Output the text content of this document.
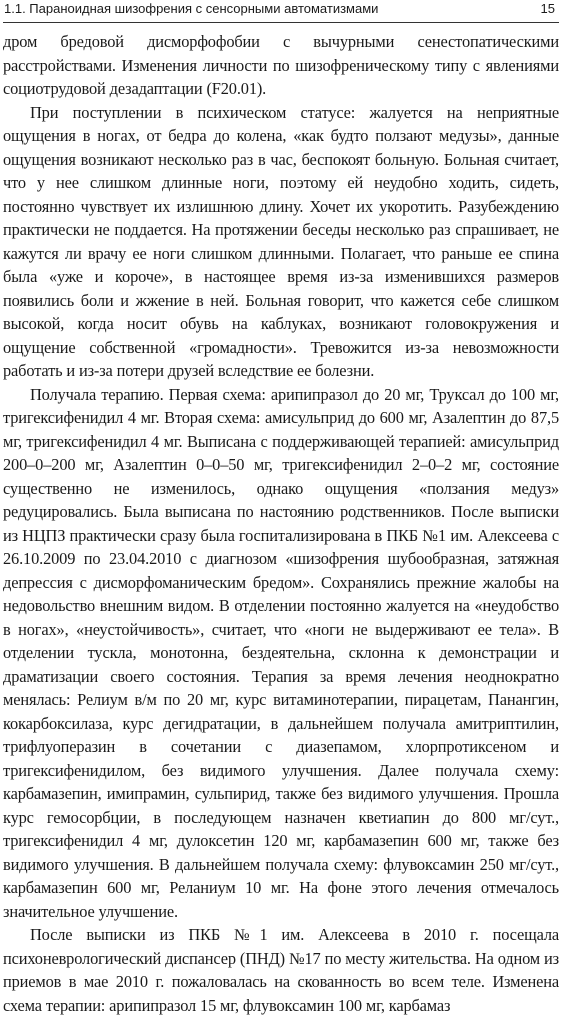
1.1. Параноидная шизофрения с сенсорными автоматизмами	15

дром бредовой дисморфофобии с вычурными сенестопатическими расстройствами. Изменения личности по шизофреническому типу с явлениями социотрудовой дезадаптации (F20.01).

При поступлении в психическом статусе: жалуется на неприятные ощущения в ногах, от бедра до колена, «как будто ползают медузы», данные ощущения возникают несколько раз в час, беспокоят больную. Больная считает, что у нее слишком длинные ноги, поэтому ей неудобно ходить, сидеть, постоянно чувствует их излишнюю длину. Хочет их укоротить. Разубеждению практически не поддается. На протяжении беседы несколько раз спрашивает, не кажутся ли врачу ее ноги слишком длинными. Полагает, что раньше ее спина была «уже и короче», в настоящее время из-за изменившихся размеров появились боли и жжение в ней. Больная говорит, что кажется себе слишком высокой, когда носит обувь на каблуках, возникают головокружения и ощущение собственной «громадности». Тревожится из-за невозможности работать и из-за потери друзей вследствие ее болезни.

Получала терапию. Первая схема: арипипразол до 20 мг, Труксал до 100 мг, тригексифенидил 4 мг. Вторая схема: амисульприд до 600 мг, Азалептин до 87,5 мг, тригексифенидил 4 мг. Выписана с поддерживающей терапией: амисульприд 200–0–200 мг, Азалептин 0–0–50 мг, тригексифенидил 2–0–2 мг, состояние существенно не изменилось, однако ощущения «ползания медуз» редуцировались. Была выписана по настоянию родственников. После выписки из НЦПЗ практически сразу была госпитализирована в ПКБ №1 им. Алексеева с 26.10.2009 по 23.04.2010 с диагнозом «шизофрения шубообразная, затяжная депрессия с дисморфоманическим бредом». Сохранялись прежние жалобы на недовольство внешним видом. В отделении постоянно жалуется на «неудобство в ногах», «неустойчивость», считает, что «ноги не выдерживают ее тела». В отделении тускла, монотонна, бездеятельна, склонна к демонстрации и драматизации своего состояния. Терапия за время лечения неоднократно менялась: Релиум в/м по 20 мг, курс витаминотерапии, пирацетам, Панангин, кокарбоксилаза, курс дегидратации, в дальнейшем получала амитриптилин, трифлуоперазин в сочетании с диазепамом, хлорпротиксеном и тригексифенидилом, без видимого улучшения. Далее получала схему: карбамазепин, имипрамин, сульпирид, также без видимого улучшения. Прошла курс гемосорбции, в последующем назначен кветиапин до 800 мг/сут., тригексифенидил 4 мг, дулоксетин 120 мг, карбамазепин 600 мг, также без видимого улучшения. В дальнейшем получала схему: флувоксамин 250 мг/сут., карбамазепин 600 мг, Реланиум 10 мг. На фоне этого лечения отмечалось значительное улучшение.

После выписки из ПКБ №1 им. Алексеева в 2010 г. посещала психоневрологический диспансер (ПНД) №17 по месту жительства. На одном из приемов в мае 2010 г. пожаловалась на скованность во всем теле. Изменена схема терапии: арипипразол 15 мг, флувоксамин 100 мг, карбамаз
